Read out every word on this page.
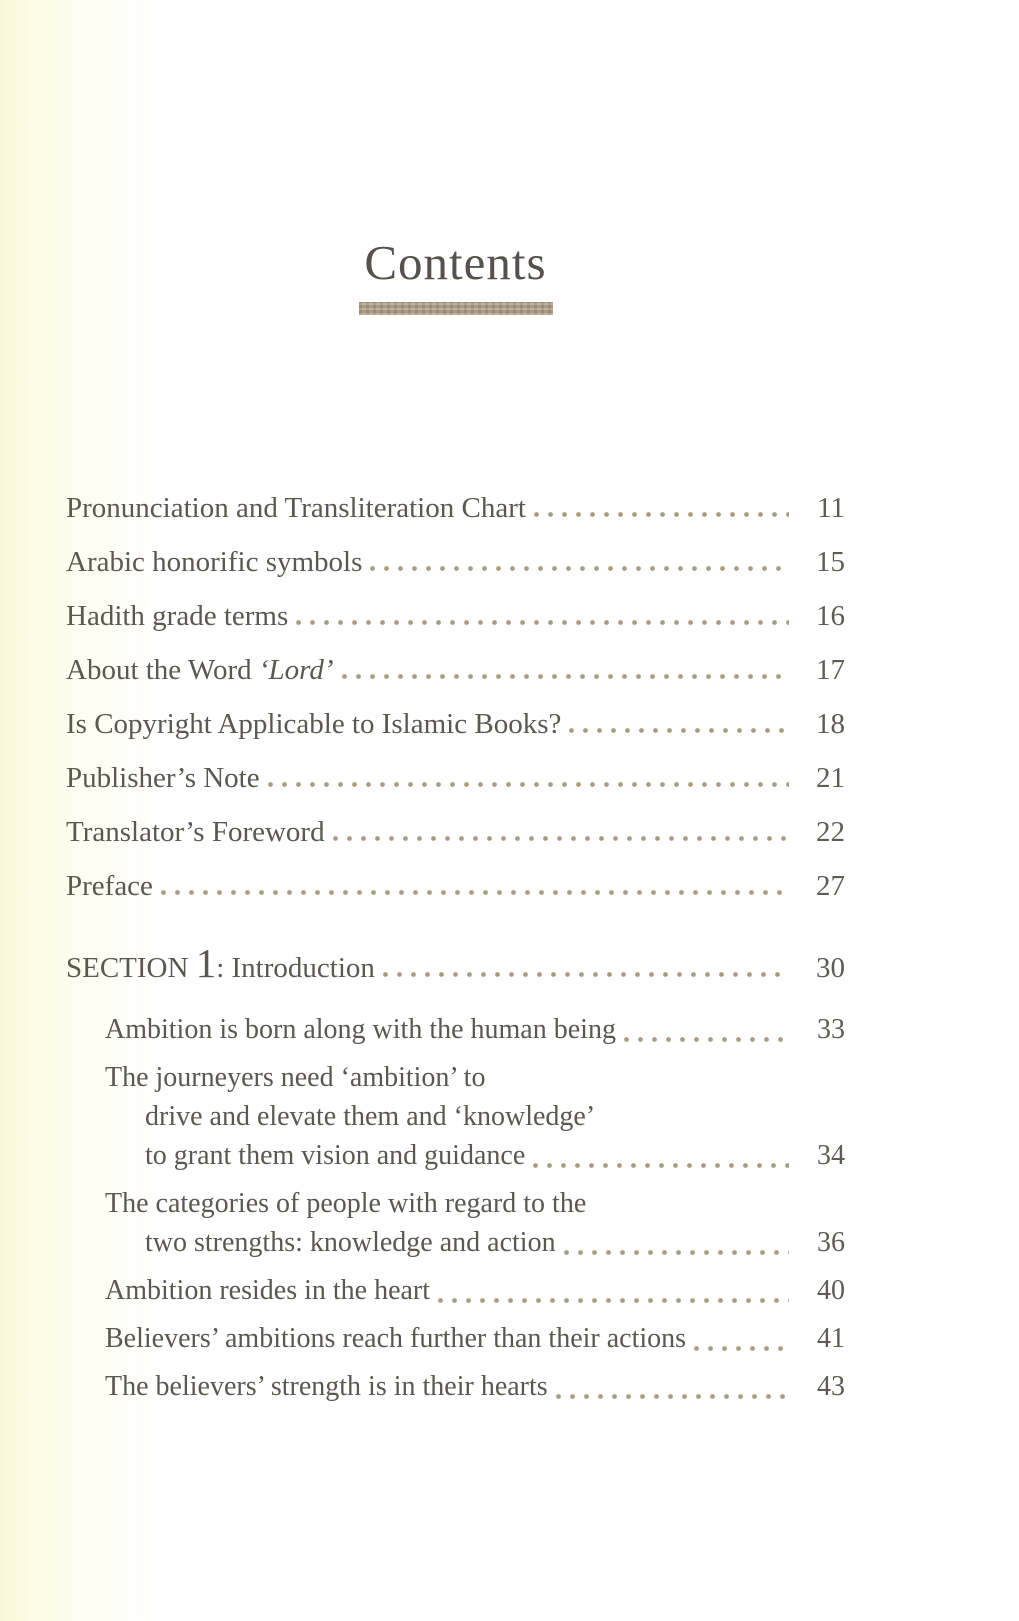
Contents
Pronunciation and Transliteration Chart	11
Arabic honorific symbols	15
Hadith grade terms	16
About the Word ‘Lord’	17
Is Copyright Applicable to Islamic Books?	18
Publisher’s Note	21
Translator’s Foreword	22
Preface	27
SECTION 1: Introduction	30
Ambition is born along with the human being	33
The journeyers need ‘ambition’ to
drive and elevate them and ‘knowledge’
to grant them vision and guidance	34
The categories of people with regard to the
two strengths: knowledge and action	36
Ambition resides in the heart	40
Believers’ ambitions reach further than their actions	41
The believers’ strength is in their hearts	43
